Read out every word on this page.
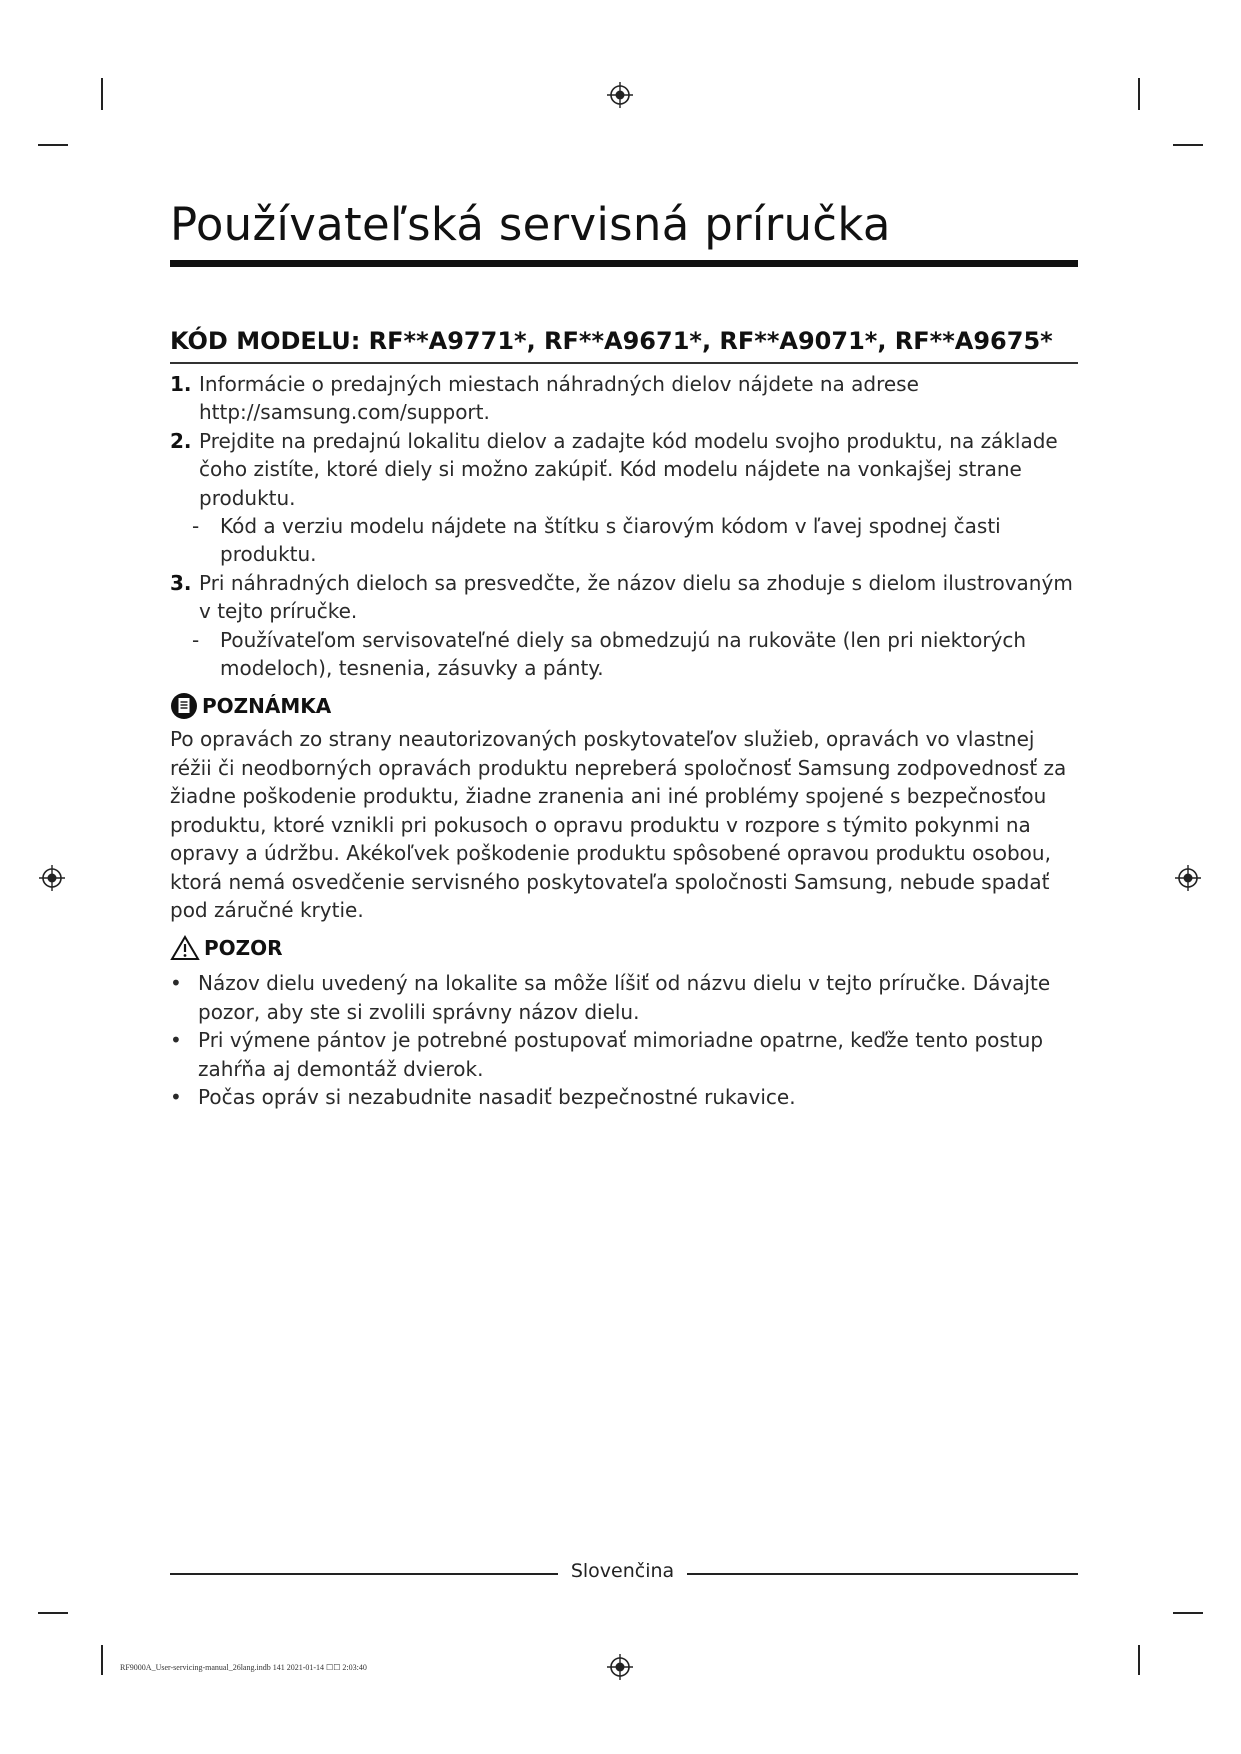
Používateľská servisná príručka
KÓD MODELU: RF**A9771*, RF**A9671*, RF**A9071*, RF**A9675*
1. Informácie o predajných miestach náhradných dielov nájdete na adrese http://samsung.com/support.
2. Prejdite na predajnú lokalitu dielov a zadajte kód modelu svojho produktu, na základe čoho zistíte, ktoré diely si možno zakúpiť. Kód modelu nájdete na vonkajšej strane produktu.
- Kód a verziu modelu nájdete na štítku s čiarovým kódom v ľavej spodnej časti produktu.
3. Pri náhradných dieloch sa presvedčte, že názov dielu sa zhoduje s dielom ilustrovaným v tejto príručke.
- Používateľom servisovateľné diely sa obmedzujú na rukoväte (len pri niektorých modeloch), tesnenia, zásuvky a pánty.
POZNÁMKA

Po opravách zo strany neautorizovaných poskytovateľov služieb, opravách vo vlastnej réžii či neodborných opravách produktu nepreberá spoločnosť Samsung zodpovednosť za žiadne poškodenie produktu, žiadne zranenia ani iné problémy spojené s bezpečnosťou produktu, ktoré vznikli pri pokusoch o opravu produktu v rozpore s týmito pokynmi na opravy a údržbu. Akékoľvek poškodenie produktu spôsobené opravou produktu osobou, ktorá nemá osvedčenie servisného poskytovateľa spoločnosti Samsung, nebude spadať pod záručné krytie.

POZOR
• Názov dielu uvedený na lokalite sa môže líšiť od názvu dielu v tejto príručke. Dávajte pozor, aby ste si zvolili správny názov dielu.
• Pri výmene pántov je potrebné postupovať mimoriadne opatrne, keďže tento postup zahŕňa aj demontáž dvierok.
• Počas opráv si nezabudnite nasadiť bezpečnostné rukavice.
Slovenčina
RF9000A_User-servicing-manual_26lang.indb 141 2021-01-14 ☐☐ 2:03:40
